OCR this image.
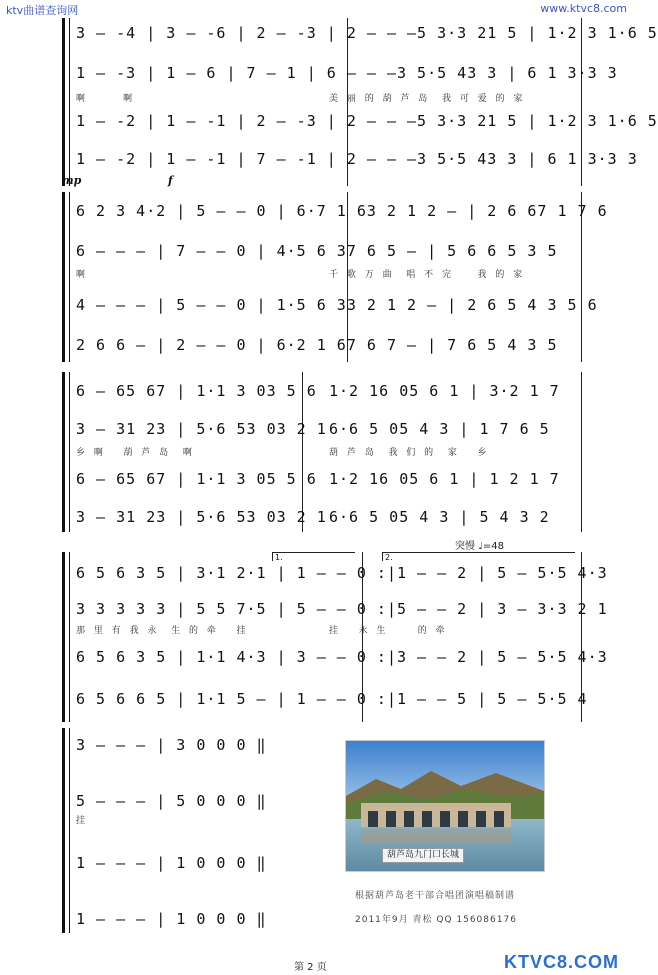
ktv曲谱查询网	www.ktvc8.com
3 — -4 | 3 — -6 | 2 — -3 | 2 — — — 5 3·3 21 5 | 1·2 3 1·6 5
1 — -3 | 1 — 6 | 7 — 1 | 6 — — — 3 5·5 43 3 | 6 1 3·3 3
啊      啊	美 丽 的 葫 芦 岛  我 可 爱 的 家
1 — -2 | 1 — -1 | 2 — -3 | 2 — — — 5 3·3 21 5 | 1·2 3 1·6 5
1 — -2 | 1 — -1 | 7 — -1 | 2 — — — 3 5·5 43 3 | 6 1 3·3 3
mp	f
6 2 3 4·2 | 5 — — 0 | 6·7 1 6 3 2 1 2 — | 2 6 67 1 7 6
6 — — — | 7 — — 0 | 4·5 6 3 7 6 5 — | 5 6 6 5 3 5
啊	千 歌 万 曲  唱 不 完    我 的 家
4 — — — | 5 — — 0 | 1·5 6 3 3 2 1 2 — | 2 6 5 4 3 5 6
2 6 6 — | 2 — — 0 | 6·2 1 6 7 6 7 — | 7 6 5 4 3 5
6 — 65 67 | 1·1 3 03 5 6 1·2 16 05 6 1 | 3·2 1 7
3 — 31 23 | 5·6 53 03 2 1 6·6 5 05 4 3 | 1 7 6 5
乡 啊   葫 芦 岛  啊	葫 芦 岛  我 们 的  家   乡
6 — 65 67 | 1·1 3 05 5 6 1·2 16 05 6 1 | 1 2 1 7
3 — 31 23 | 5·6 53 03 2 1 6·6 5 05 4 3 | 5 4 3 2
突慢 ♩=48
1.	2.
6 5 6 3 5 | 3·1 2·1 | 1 — — 0 :| 1 — — 2 | 5 — 5·5 4·3
3 3 3 3 3 | 5 5 7·5 | 5 — — 0 :| 5 — — 2 | 3 — 3·3 2 1
那 里 有 我 永  生 的 牵   挂	挂   永 生     的 牵
6 5 6 3 5 | 1·1 4·3 | 3 — — 0 :| 3 — — 2 | 5 — 5·5 4·3
6 5 6 6 5 | 1·1 5 — | 1 — — 0 :| 1 — — 5 | 5 — 5·5 4
3 — — — | 3 0 0 0 ‖
5 — — — | 5 0 0 0 ‖
挂
1 — — — | 1 0 0 0 ‖
1 — — — | 1 0 0 0 ‖
葫芦岛九门口长城
根据葫芦岛老干部合唱团演唱稿制谱
2011年9月 青松 QQ 156086176
第 2 页	KTVC8.COM
